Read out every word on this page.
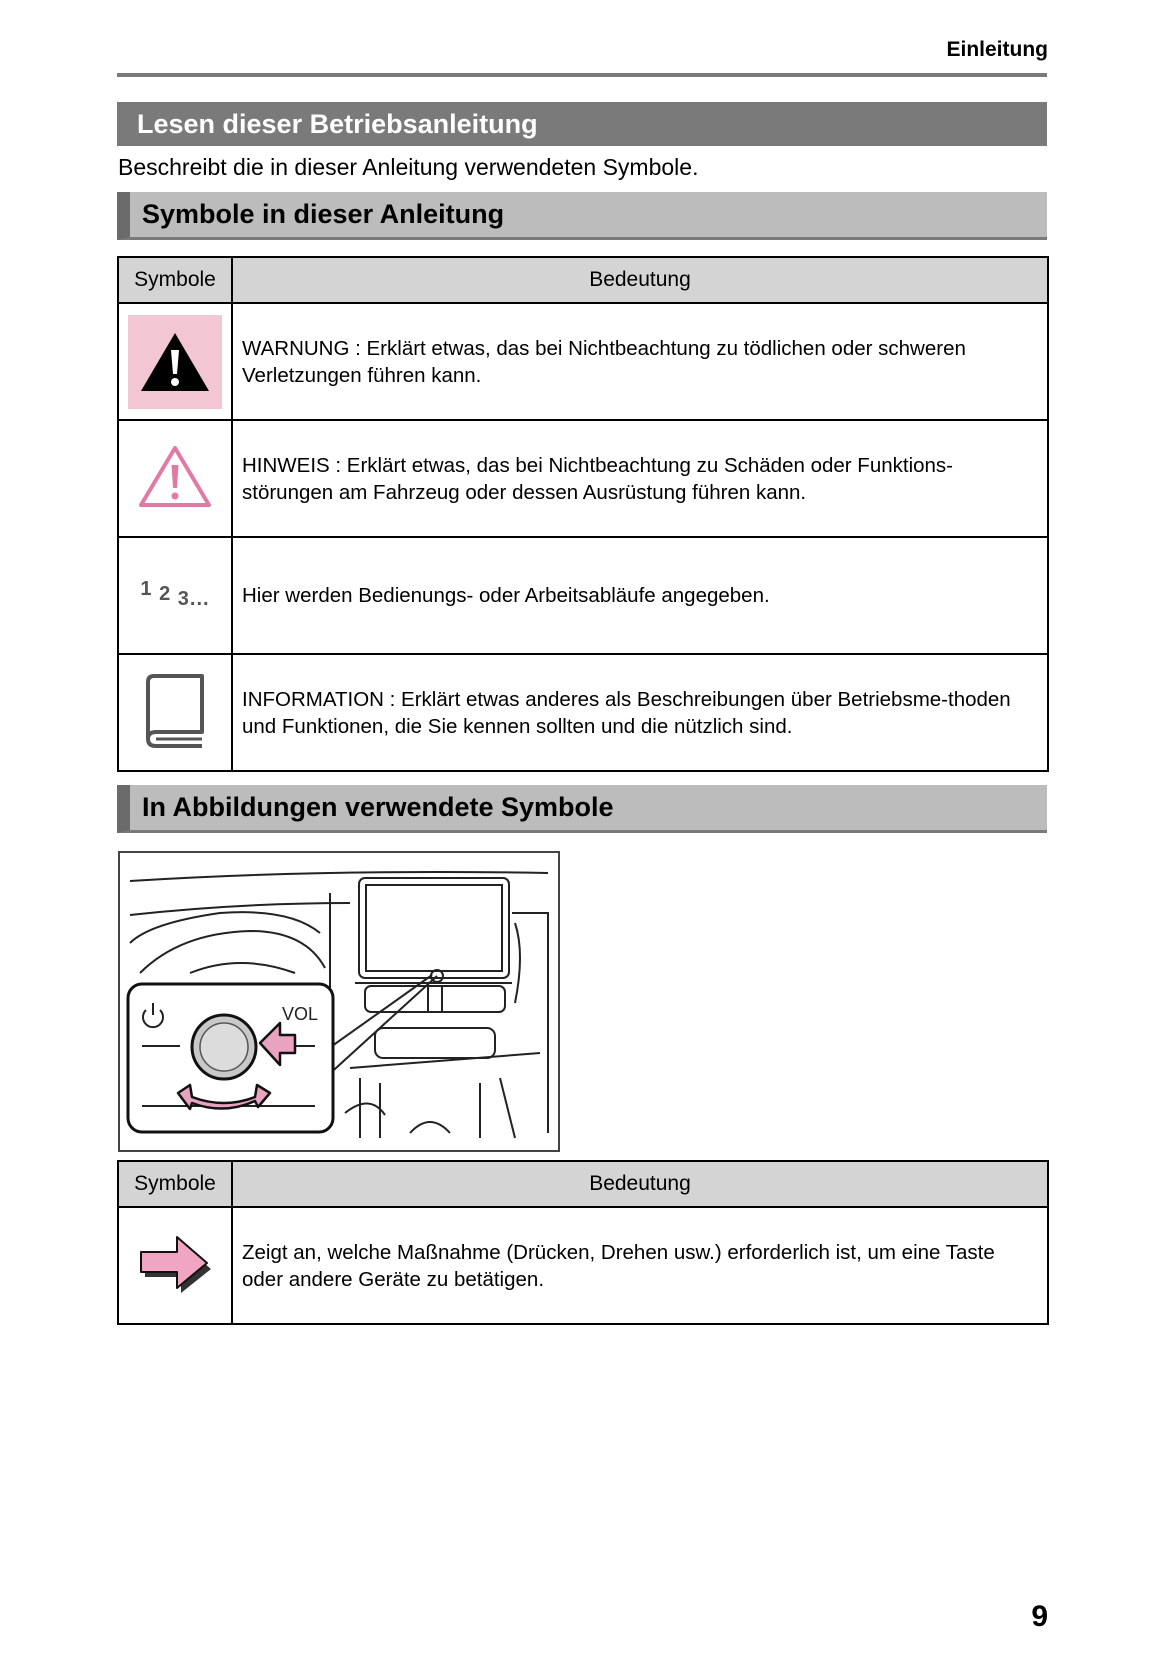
Einleitung
Lesen dieser Betriebsanleitung
Beschreibt die in dieser Anleitung verwendeten Symbole.
Symbole in dieser Anleitung
Symbole	Bedeutung

	WARNUNG : Erklärt etwas, das bei Nichtbeachtung zu tödlichen oder schweren Verletzungen führen kann.
	HINWEIS : Erklärt etwas, das bei Nichtbeachtung zu Schäden oder Funktions-störungen am Fahrzeug oder dessen Ausrüstung führen kann.
1 2 3...	Hier werden Bedienungs- oder Arbeitsabläufe angegeben.
	INFORMATION : Erklärt etwas anderes als Beschreibungen über Betriebsme-thoden und Funktionen, die Sie kennen sollten und die nützlich sind.
In Abbildungen verwendete Symbole
VOL
Symbole	Bedeutung
	Zeigt an, welche Maßnahme (Drücken, Drehen usw.) erforderlich ist, um eine Taste oder andere Geräte zu betätigen.
9
